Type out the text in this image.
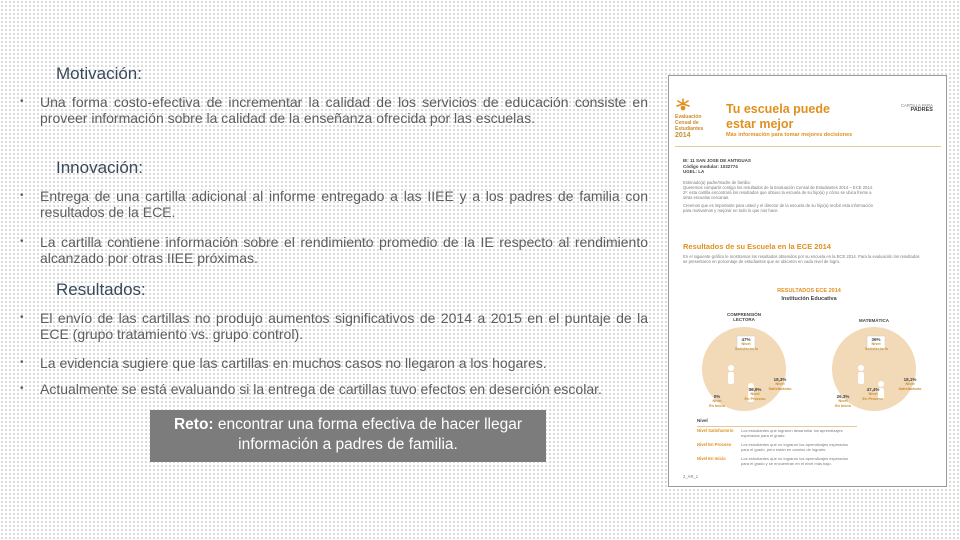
Motivación:
• Una forma costo-efectiva de incrementar la calidad de los servicios de educación consiste en proveer información sobre la calidad de la enseñanza ofrecida por las escuelas.
Innovación:
• Entrega de una cartilla adicional al informe entregado a las IIEE y a los padres de familia con resultados de la ECE.
• La cartilla contiene información sobre el rendimiento promedio de la IE respecto al rendimiento alcanzado por otras IIEE próximas.
Resultados:
• El envío de las cartillas no produjo aumentos significativos de 2014 a 2015 en el puntaje de la ECE (grupo tratamiento vs. grupo control).
• La evidencia sugiere que las cartillas en muchos casos no llegaron a los hogares.
• Actualmente se está evaluando si la entrega de cartillas tuvo efectos en deserción escolar.
Reto: encontrar una forma efectiva de hacer llegar información a padres de familia.
Evaluación
Censal de
Estudiantes
2014
Tu escuela puede
estar mejor
Más información para tomar mejores decisiones
CARTILLA PARA
PADRES
IE: 11 SAN JOSE DE ANTIGUAS
Código modular: 1032774
UGEL: LA
Estimado(a) padre/madre de familia:
Queremos compartir contigo los resultados de la Evaluación Censal de Estudiantes 2014 – ECE 2014.
2º: esta cartilla encontrará los resultados que obtuvo la escuela de su hijo(a) y cómo se ubica frente a
otras escuelas cercanas.
Creemos que es importante para usted y el director de la escuela de su hijo(a) recibir esta información
para motivarnos y mejorar en todo lo que nos hace.
Resultados de su Escuela en la ECE 2014
En el siguiente gráfico le mostramos los resultados obtenidos por su escuela en la ECE 2014. Para la evaluación los resultados
se presentaron en porcentaje de estudiantes que se ubicaron en cada nivel de logro.
RESULTADOS ECE 2014
Institución Educativa
COMPRENSIÓN
LECTORA	MATEMÁTICA
47%
Nivel
Satisfactorio
36%
Nivel
Satisfactorio
18,3%
Nivel
Satisfactorio
18,1%
Nivel
Satisfactorio
36,9%
Nivel
En Proceso
47,4%
Nivel
En Proceso
0%
Nivel
En Inicio
26,3%
Nivel
En Inicio
Nivel
Nivel Satisfactorio	Los estudiantes que lograron desarrollar los aprendizajes esperados para el grado.
Nivel En Proceso	Los estudiantes que no lograron los aprendizajes esperados para el grado, pero están en camino de lograrlo.
Nivel En Inicio	Los estudiantes que no lograron los aprendizajes esperados para el grado y se encuentran en el nivel más bajo.
2_AR_1
